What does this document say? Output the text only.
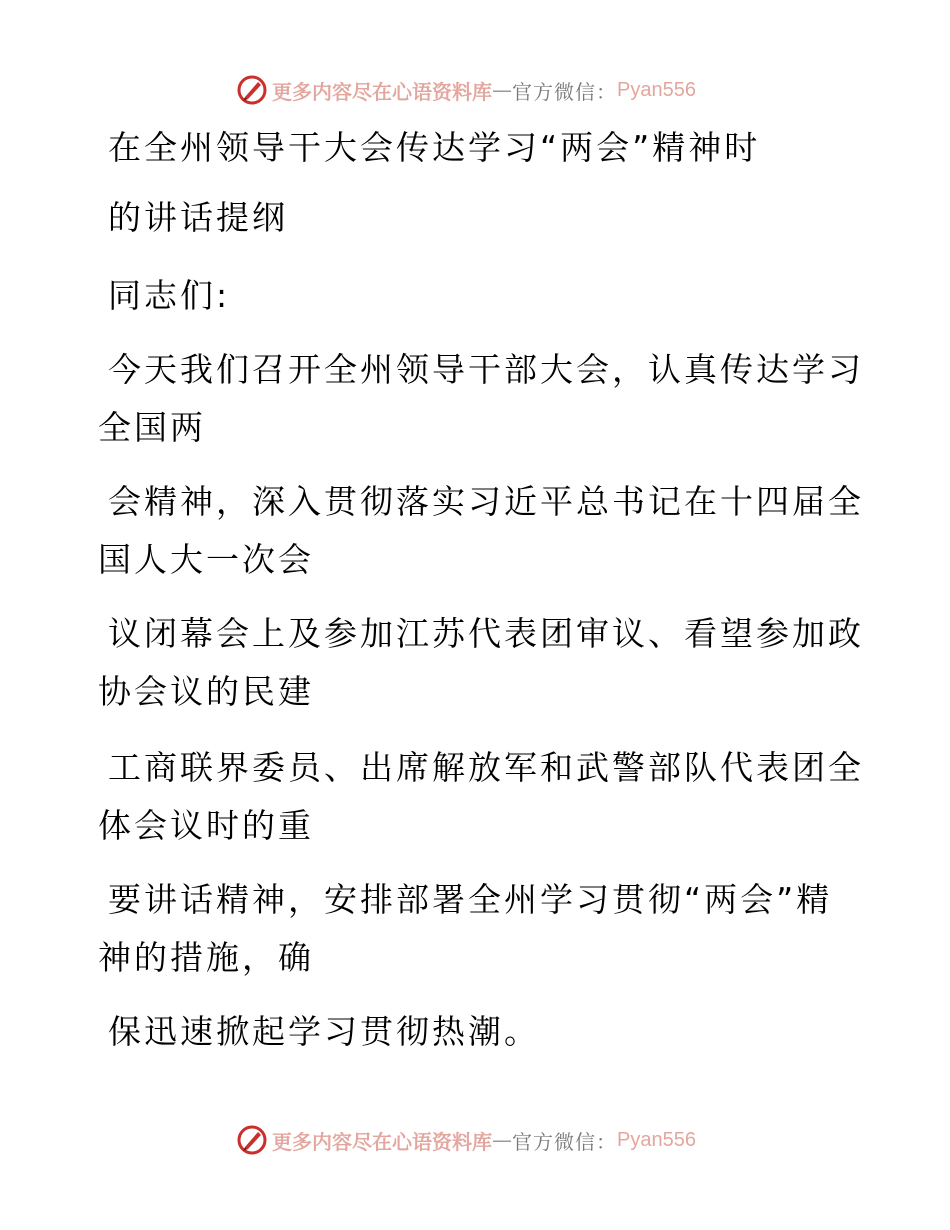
更多内容尽在心语资料库 — 官方微信： Pyan556
在全州领导干大会传达学习“两会”精神时
的讲话提纲
同志们:
今天我们召开全州领导干部大会，认真传达学习
全国两
会精神，深入贯彻落实习近平总书记在十四届全
国人大一次会
议闭幕会上及参加江苏代表团审议、看望参加政
协会议的民建
工商联界委员、出席解放军和武警部队代表团全
体会议时的重
要讲话精神，安排部署全州学习贯彻“两会”精
神的措施，确
保迅速掀起学习贯彻热潮。
更多内容尽在心语资料库 — 官方微信： Pyan556
